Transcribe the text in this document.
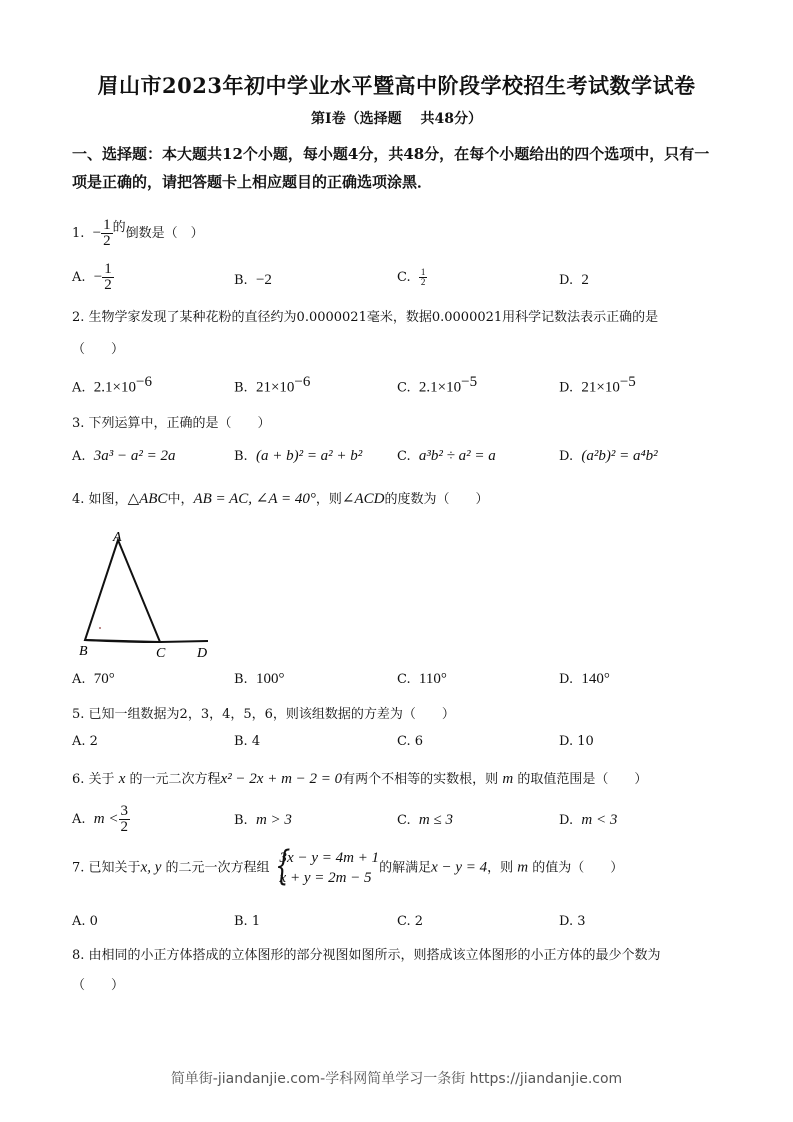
眉山市2023年初中学业水平暨高中阶段学校招生考试数学试卷
第I卷（选择题　 共48分）
一、选择题：本大题共12个小题，每小题4分，共48分，在每个小题给出的四个选项中，只有一项是正确的，请把答题卡上相应题目的正确选项涂黑．
1. − $\frac{1}{2}$ 的倒数是（　）
A. − $\frac{1}{2}$	B. −2	C. $\frac{1}{2}$	D. 2
2. 生物学家发现了某种花粉的直径约为0.0000021毫米，数据0.0000021用科学记数法表示正确的是
（　　）
A. $2.1\times 10^{-6}$	B. $21\times 10^{-6}$	C. $2.1\times 10^{-5}$	D. $21\times 10^{-5}$
3. 下列运算中，正确的是（　　）
A. 3a³ − a² = 2a	B. (a + b)² = a² + b²	C. a³b² ÷ a² = a	D. (a²b)² = a⁴b²
4. 如图，△ABC中，AB = AC, ∠A = 40°，则∠ACD的度数为（　　）
A
B	C D
A. 70°	B. 100°	C. 110°	D. 140°
5. 已知一组数据为2，3，4，5，6，则该组数据的方差为（　　）
A. 2	B. 4	C. 6	D. 10
6. 关于 x 的一元二次方程x² − 2x + m − 2 = 0有两个不相等的实数根，则 m 的取值范围是（　　）
A. $m < \frac{3}{2}$	B. m > 3	C. m ≤ 3	D. m < 3
7. 已知关于x, y 的二元一次方程组 {
3x − y = 4m + 1
x + y = 2m − 5
的解满足x − y = 4，则 m 的值为（　　）
A. 0	B. 1	C. 2	D. 3
8. 由相同的小正方体搭成的立体图形的部分视图如图所示，则搭成该立体图形的小正方体的最少个数为
（　　）
简单街-jiandanjie.com-学科网简单学习一条街 https://jiandanjie.com
